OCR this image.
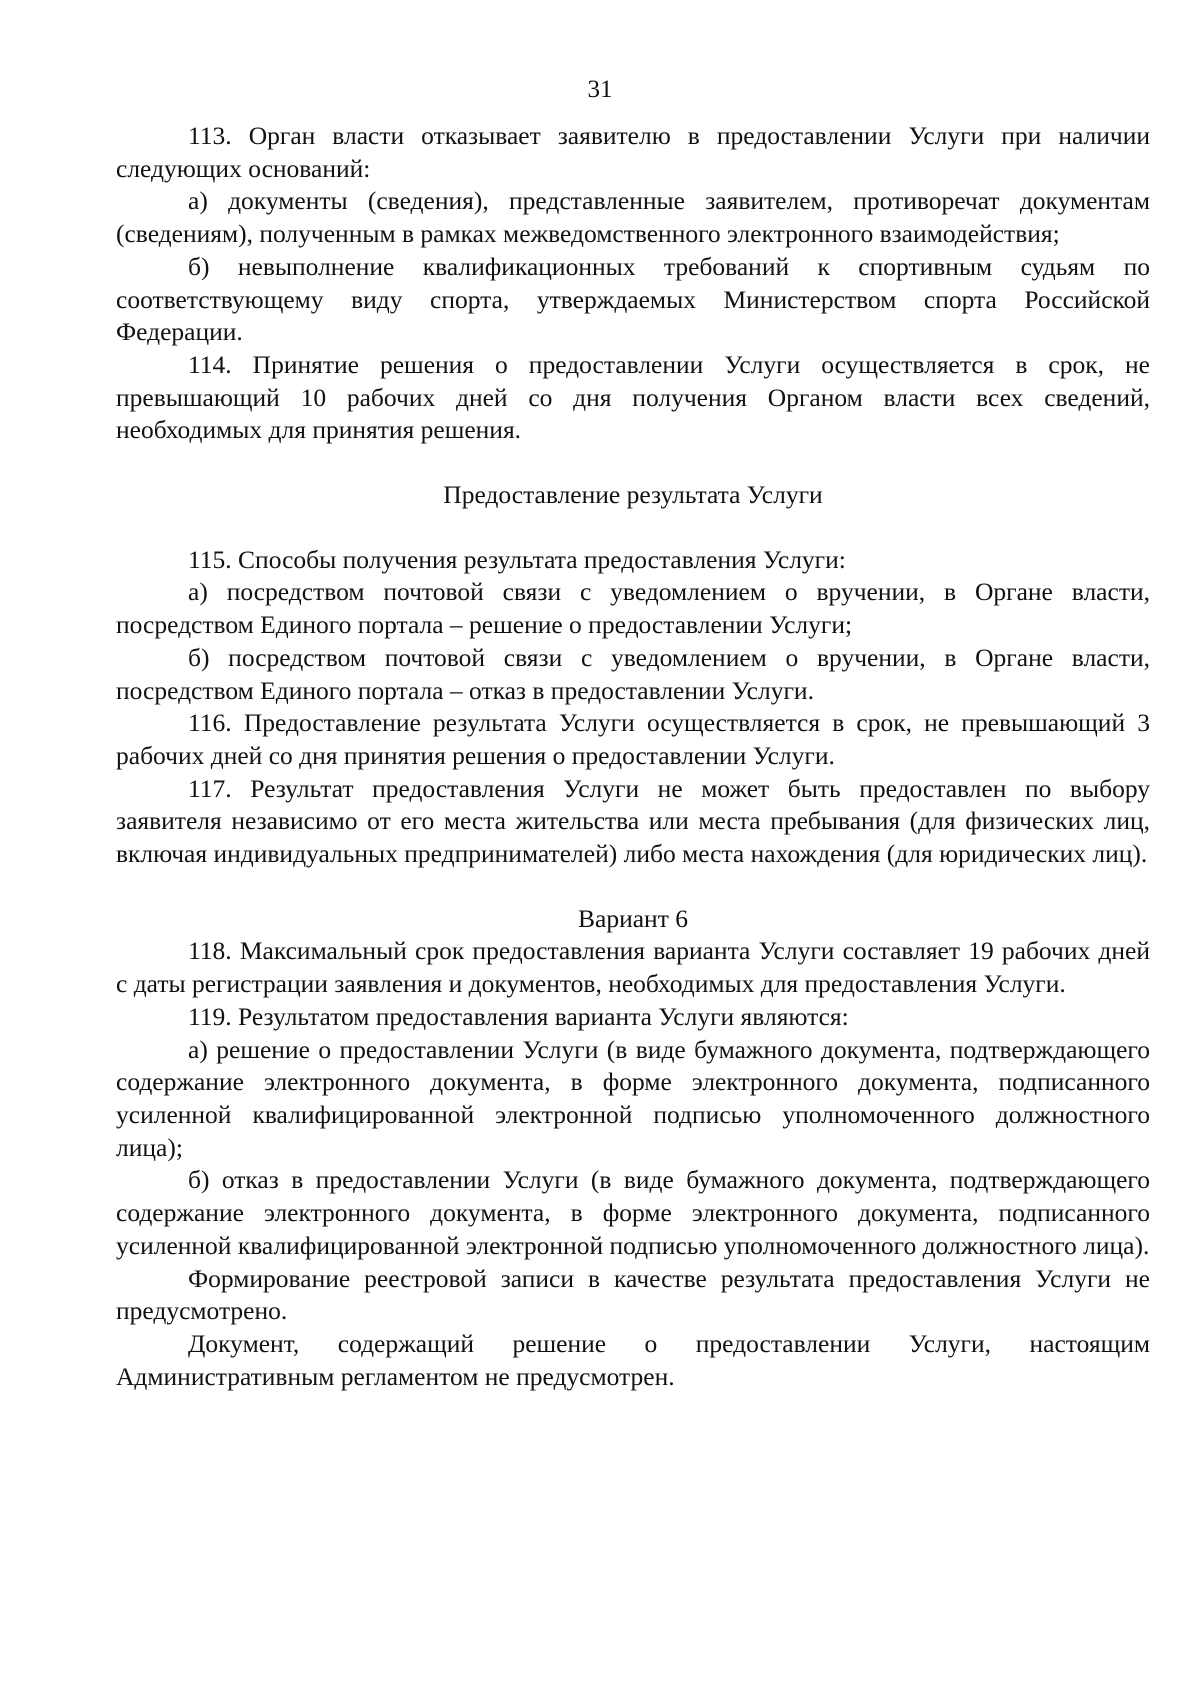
31

113. Орган власти отказывает заявителю в предоставлении Услуги при наличии следующих оснований:

а) документы (сведения), представленные заявителем, противоречат документам (сведениям), полученным в рамках межведомственного электронного взаимодействия;

б) невыполнение квалификационных требований к спортивным судьям по соответствующему виду спорта, утверждаемых Министерством спорта Российской Федерации.

114. Принятие решения о предоставлении Услуги осуществляется в срок, не превышающий 10 рабочих дней со дня получения Органом власти всех сведений, необходимых для принятия решения.

Предоставление результата Услуги

115. Способы получения результата предоставления Услуги:

а) посредством почтовой связи с уведомлением о вручении, в Органе власти, посредством Единого портала – решение о предоставлении Услуги;

б) посредством почтовой связи с уведомлением о вручении, в Органе власти, посредством Единого портала – отказ в предоставлении Услуги.

116. Предоставление результата Услуги осуществляется в срок, не превышающий 3 рабочих дней со дня принятия решения о предоставлении Услуги.

117. Результат предоставления Услуги не может быть предоставлен по выбору заявителя независимо от его места жительства или места пребывания (для физических лиц, включая индивидуальных предпринимателей) либо места нахождения (для юридических лиц).

Вариант 6

118. Максимальный срок предоставления варианта Услуги составляет 19 рабочих дней с даты регистрации заявления и документов, необходимых для предоставления Услуги.

119. Результатом предоставления варианта Услуги являются:

а) решение о предоставлении Услуги (в виде бумажного документа, подтверждающего содержание электронного документа, в форме электронного документа, подписанного усиленной квалифицированной электронной подписью уполномоченного должностного лица);

б) отказ в предоставлении Услуги (в виде бумажного документа, подтверждающего содержание электронного документа, в форме электронного документа, подписанного усиленной квалифицированной электронной подписью уполномоченного должностного лица).

Формирование реестровой записи в качестве результата предоставления Услуги не предусмотрено.

Документ, содержащий решение о предоставлении Услуги, настоящим Административным регламентом не предусмотрен.
